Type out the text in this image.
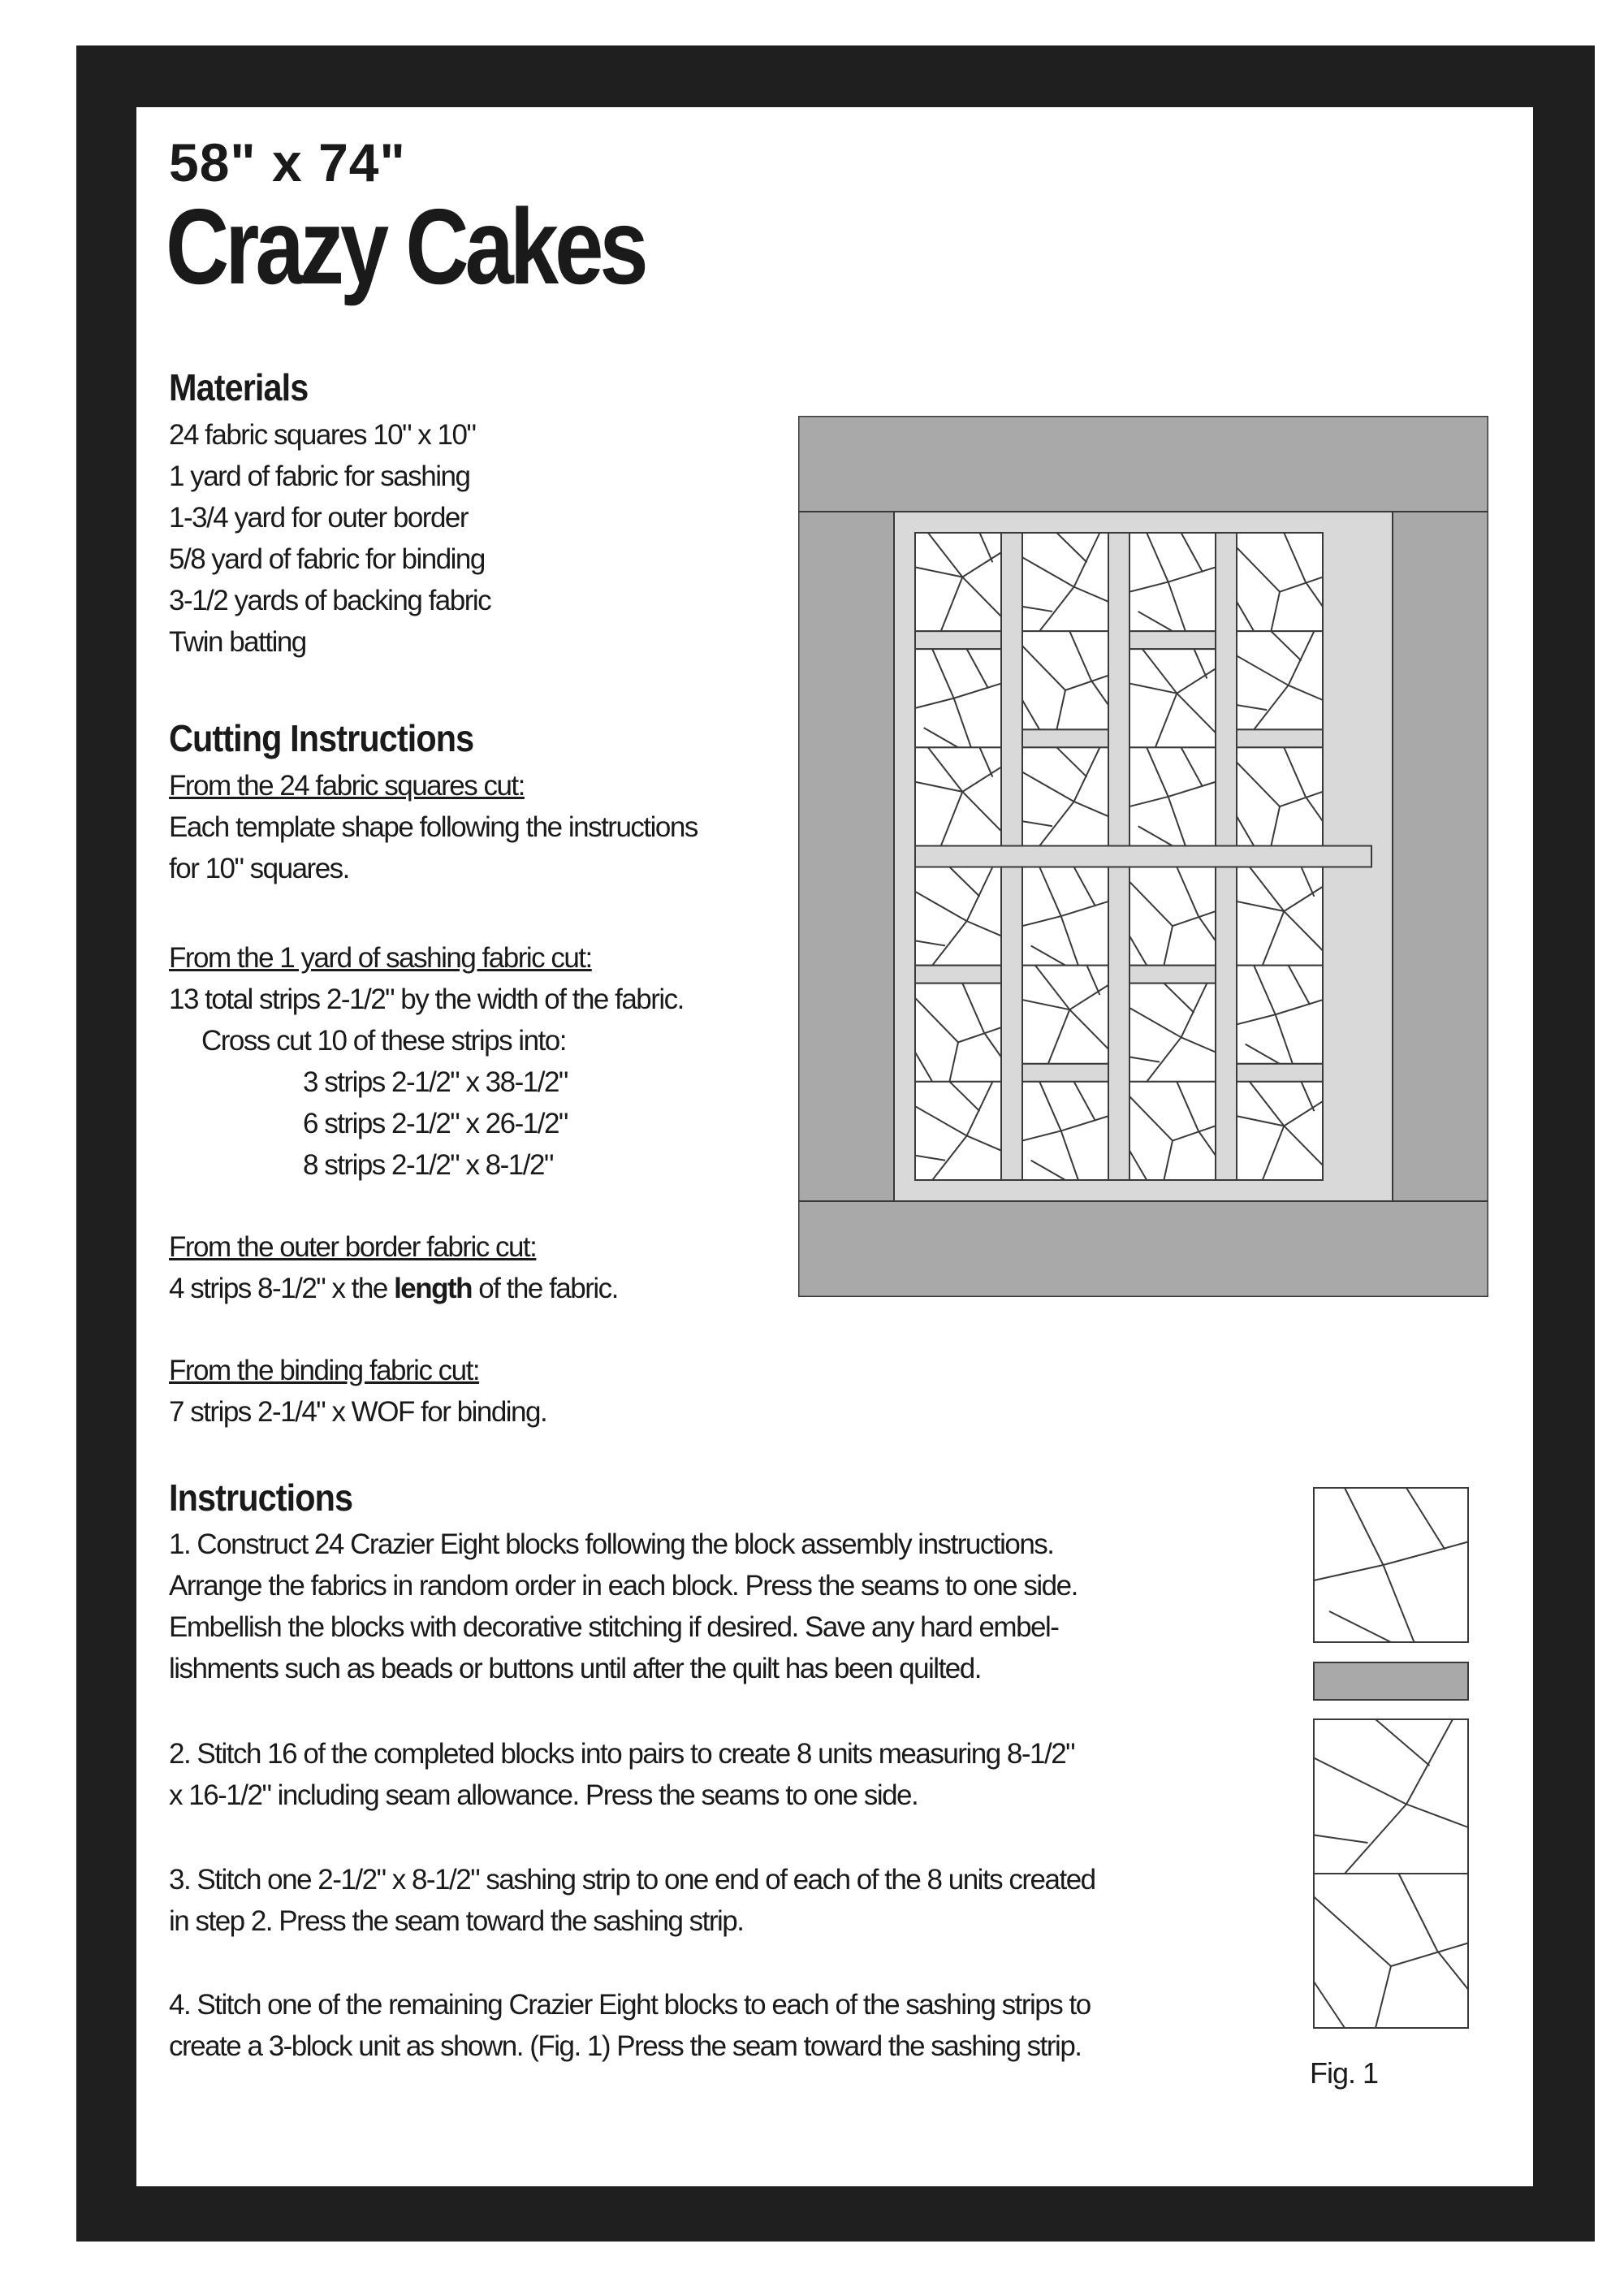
58" x 74"
Crazy Cakes
Materials
24 fabric squares 10" x 10"
1 yard of fabric for sashing
1-3/4 yard for outer border
5/8 yard of fabric for binding
3-1/2 yards of backing fabric
Twin batting
Cutting Instructions
From the 24 fabric squares cut:
Each template shape following the instructions
for 10" squares.
From the 1 yard of sashing fabric cut:
13 total strips 2-1/2" by the width of the fabric.
Cross cut 10 of these strips into:
3 strips 2-1/2" x 38-1/2"
6 strips 2-1/2" x 26-1/2"
8 strips 2-1/2" x 8-1/2"
From the outer border fabric cut:
4 strips 8-1/2" x the length of the fabric.
From the binding fabric cut:
7 strips 2-1/4" x WOF for binding.
Instructions
1. Construct 24 Crazier Eight blocks following the block assembly instructions.
Arrange the fabrics in random order in each block. Press the seams to one side.
Embellish the blocks with decorative stitching if desired. Save any hard embel-
lishments such as beads or buttons until after the quilt has been quilted.
2. Stitch 16 of the completed blocks into pairs to create 8 units measuring 8-1/2"
x 16-1/2" including seam allowance. Press the seams to one side.
3. Stitch one 2-1/2" x 8-1/2" sashing strip to one end of each of the 8 units created
in step 2. Press the seam toward the sashing strip.
4. Stitch one of the remaining Crazier Eight blocks to each of the sashing strips to
create a 3-block unit as shown. (Fig. 1) Press the seam toward the sashing strip.
Fig. 1
